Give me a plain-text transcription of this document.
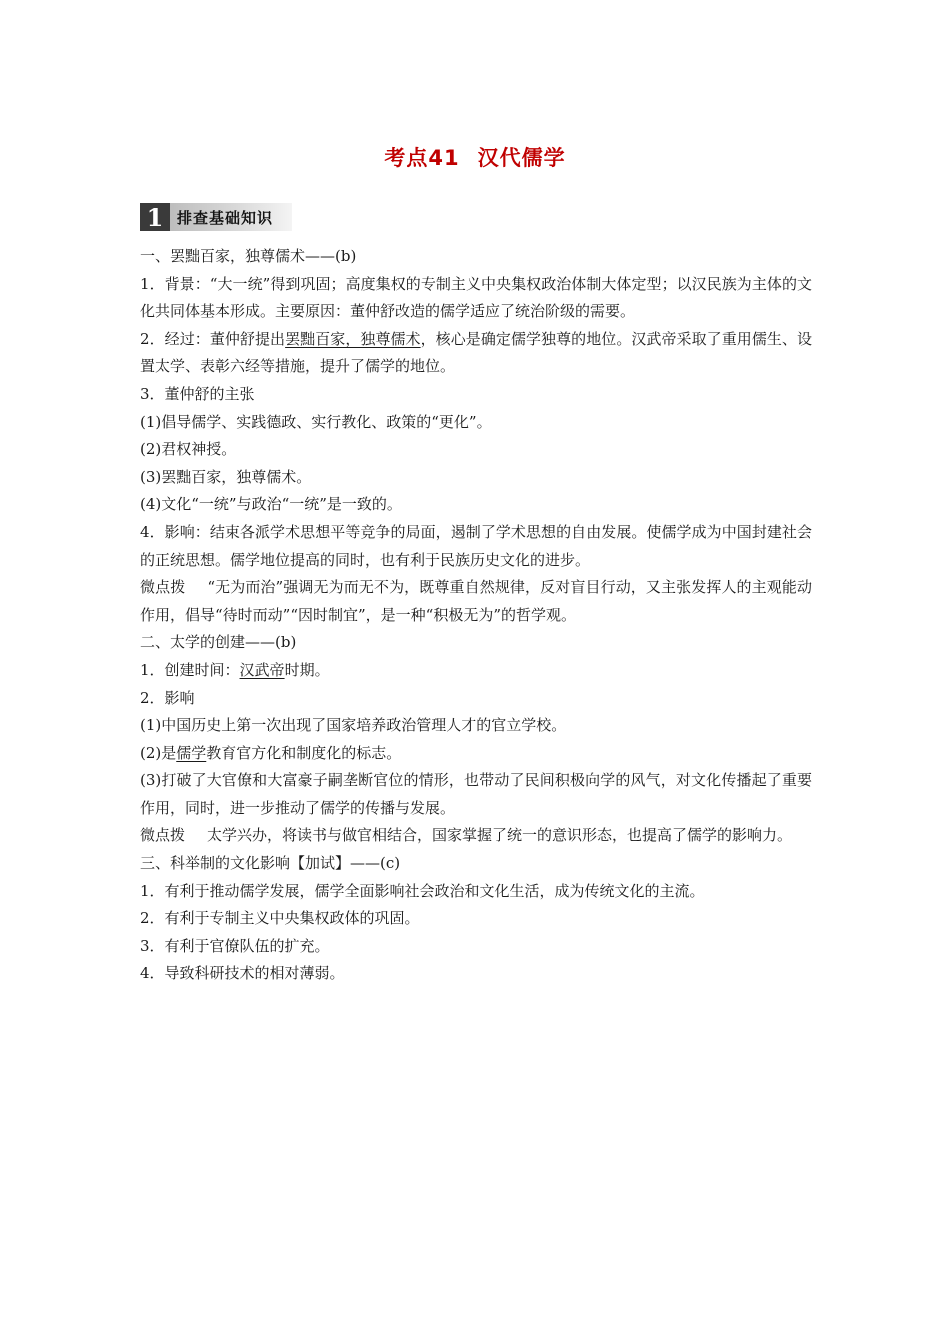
考点41 汉代儒学
1 排查基础知识

一、罢黜百家，独尊儒术——(b)

1．背景：“大一统”得到巩固；高度集权的专制主义中央集权政治体制大体定型；以汉民族为主体的文化共同体基本形成。主要原因：董仲舒改造的儒学适应了统治阶级的需要。

2．经过：董仲舒提出罢黜百家，独尊儒术，核心是确定儒学独尊的地位。汉武帝采取了重用儒生、设置太学、表彰六经等措施，提升了儒学的地位。

3．董仲舒的主张

(1)倡导儒学、实践德政、实行教化、政策的“更化”。

(2)君权神授。

(3)罢黜百家，独尊儒术。

(4)文化“一统”与政治“一统”是一致的。

4．影响：结束各派学术思想平等竞争的局面，遏制了学术思想的自由发展。使儒学成为中国封建社会的正统思想。儒学地位提高的同时，也有利于民族历史文化的进步。

微点拨 “无为而治”强调无为而无不为，既尊重自然规律，反对盲目行动，又主张发挥人的主观能动作用，倡导“待时而动”“因时制宜”，是一种“积极无为”的哲学观。

二、太学的创建——(b)

1．创建时间：汉武帝时期。

2．影响

(1)中国历史上第一次出现了国家培养政治管理人才的官立学校。

(2)是儒学教育官方化和制度化的标志。

(3)打破了大官僚和大富豪子嗣垄断官位的情形，也带动了民间积极向学的风气，对文化传播起了重要作用，同时，进一步推动了儒学的传播与发展。

微点拨 太学兴办，将读书与做官相结合，国家掌握了统一的意识形态，也提高了儒学的影响力。

三、科举制的文化影响【加试】——(c)

1．有利于推动儒学发展，儒学全面影响社会政治和文化生活，成为传统文化的主流。

2．有利于专制主义中央集权政体的巩固。

3．有利于官僚队伍的扩充。

4．导致科研技术的相对薄弱。
